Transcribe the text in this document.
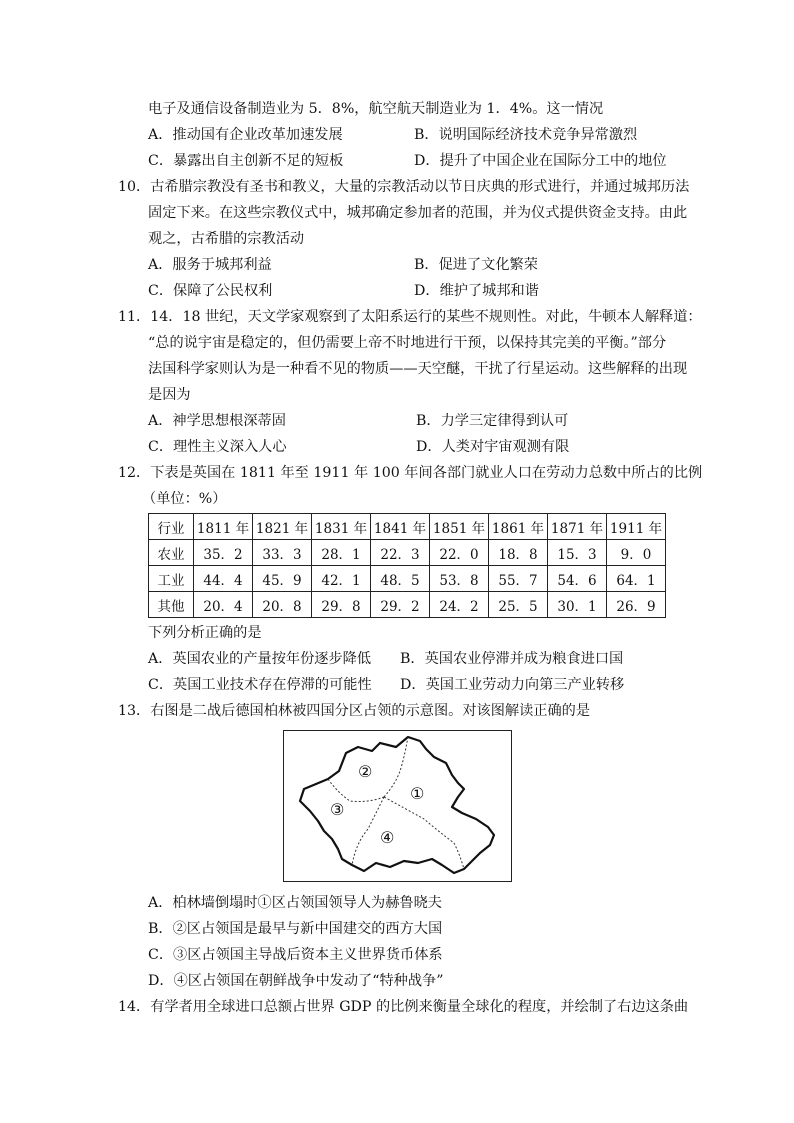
电子及通信设备制造业为 5．8%，航空航天制造业为 1．4%。这一情况
A．推动国有企业改革加速发展	B．说明国际经济技术竞争异常激烈
C．暴露出自主创新不足的短板	D．提升了中国企业在国际分工中的地位
10．古希腊宗教没有圣书和教义，大量的宗教活动以节日庆典的形式进行，并通过城邦历法
固定下来。在这些宗教仪式中，城邦确定参加者的范围，并为仪式提供资金支持。由此
观之，古希腊的宗教活动
A．服务于城邦利益	B．促进了文化繁荣
C．保障了公民权利	D．维护了城邦和谐
11．14．18 世纪，天文学家观察到了太阳系运行的某些不规则性。对此，牛顿本人解释道：
“总的说宇宙是稳定的，但仍需要上帝不时地进行干预，以保持其完美的平衡。”部分
法国科学家则认为是一种看不见的物质——天空醚，干扰了行星运动。这些解释的出现
是因为
A．神学思想根深蒂固	B．力学三定律得到认可
C．理性主义深入人心	D．人类对宇宙观测有限
12．下表是英国在 1811 年至 1911 年 100 年间各部门就业人口在劳动力总数中所占的比例
（单位：%）
行业	1811 年	1821 年	1831 年	1841 年	1851 年	1861 年	1871 年	1911 年
农业	35．2	33．3	28．1	22．3	22．0	18．8	15．3	9．0
工业	44．4	45．9	42．1	48．5	53．8	55．7	54．6	64．1
其他	20．4	20．8	29．8	29．2	24．2	25．5	30．1	26．9
下列分析正确的是
A．英国农业的产量按年份逐步降低 B．英国农业停滞并成为粮食进口国
C．英国工业技术存在停滞的可能性 D．英国工业劳动力向第三产业转移
13．右图是二战后德国柏林被四国分区占领的示意图。对该图解读正确的是
②
①
③
④
A．柏林墙倒塌时①区占领国领导人为赫鲁晓夫
B．②区占领国是最早与新中国建交的西方大国
C．③区占领国主导战后资本主义世界货币体系
D．④区占领国在朝鲜战争中发动了“特种战争”
14．有学者用全球进口总额占世界 GDP 的比例来衡量全球化的程度，并绘制了右边这条曲
